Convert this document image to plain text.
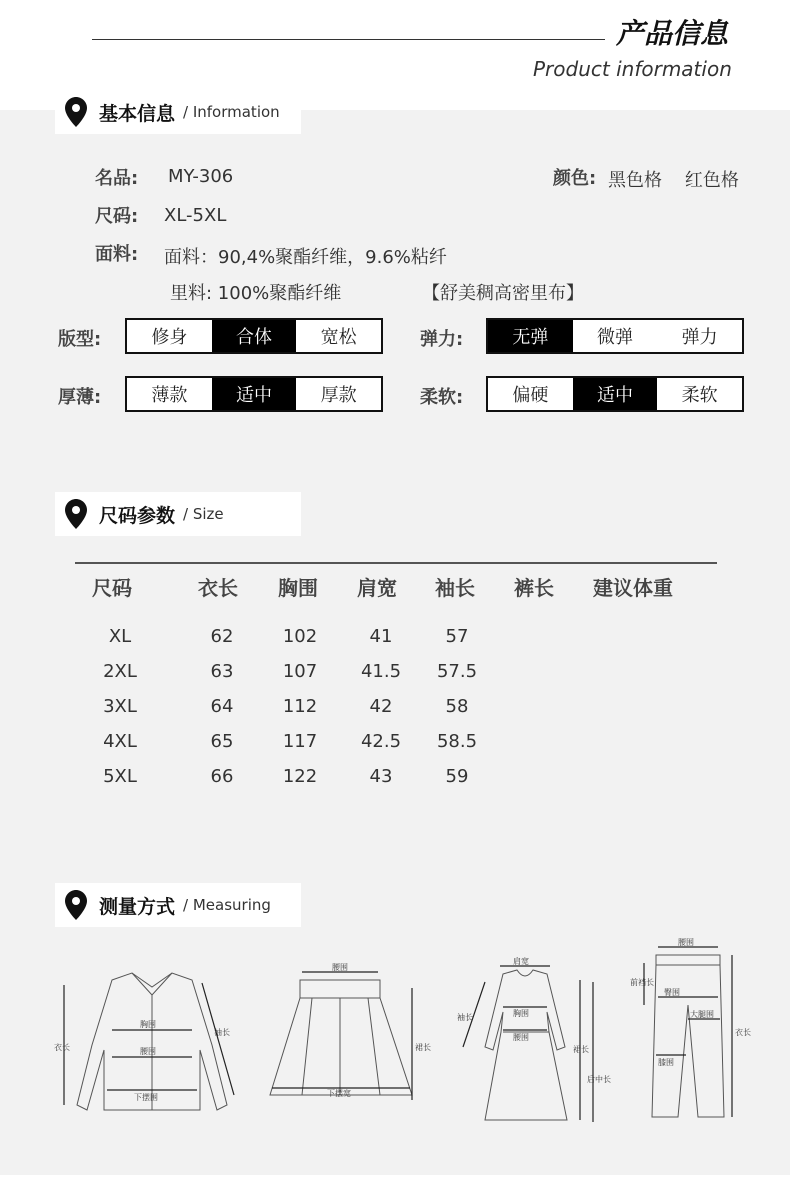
产品信息
Product information
基本信息 / Information
名品: MY-306	颜色: 黑色格    红色格
尺码: XL-5XL
面料: 面料：90,4%聚酯纤维，9.6%粘纤
里料: 100%聚酯纤维	【舒美稠高密里布】
版型:	修身	合体	宽松	弹力:	无弹	微弹	弹力
厚薄:	薄款	适中	厚款	柔软:	偏硬	适中	柔软
尺码参数 / Size
尺码	衣长 胸围 肩宽 袖长 裤长 建议体重
XL	62	102	41	57
2XL	63	107 41.5 57.5
3XL	64	112	42	58
4XL	65	117 42.5 58.5
5XL	66	122	43	59
测量方式 / Measuring
衣长
胸围
腰围
下摆围
袖长
腰围
下摆宽
裙长
肩宽
胸围
腰围
袖长
裙长
后中长
腰围
前裆长
臀围
大腿围
膝围
衣长
